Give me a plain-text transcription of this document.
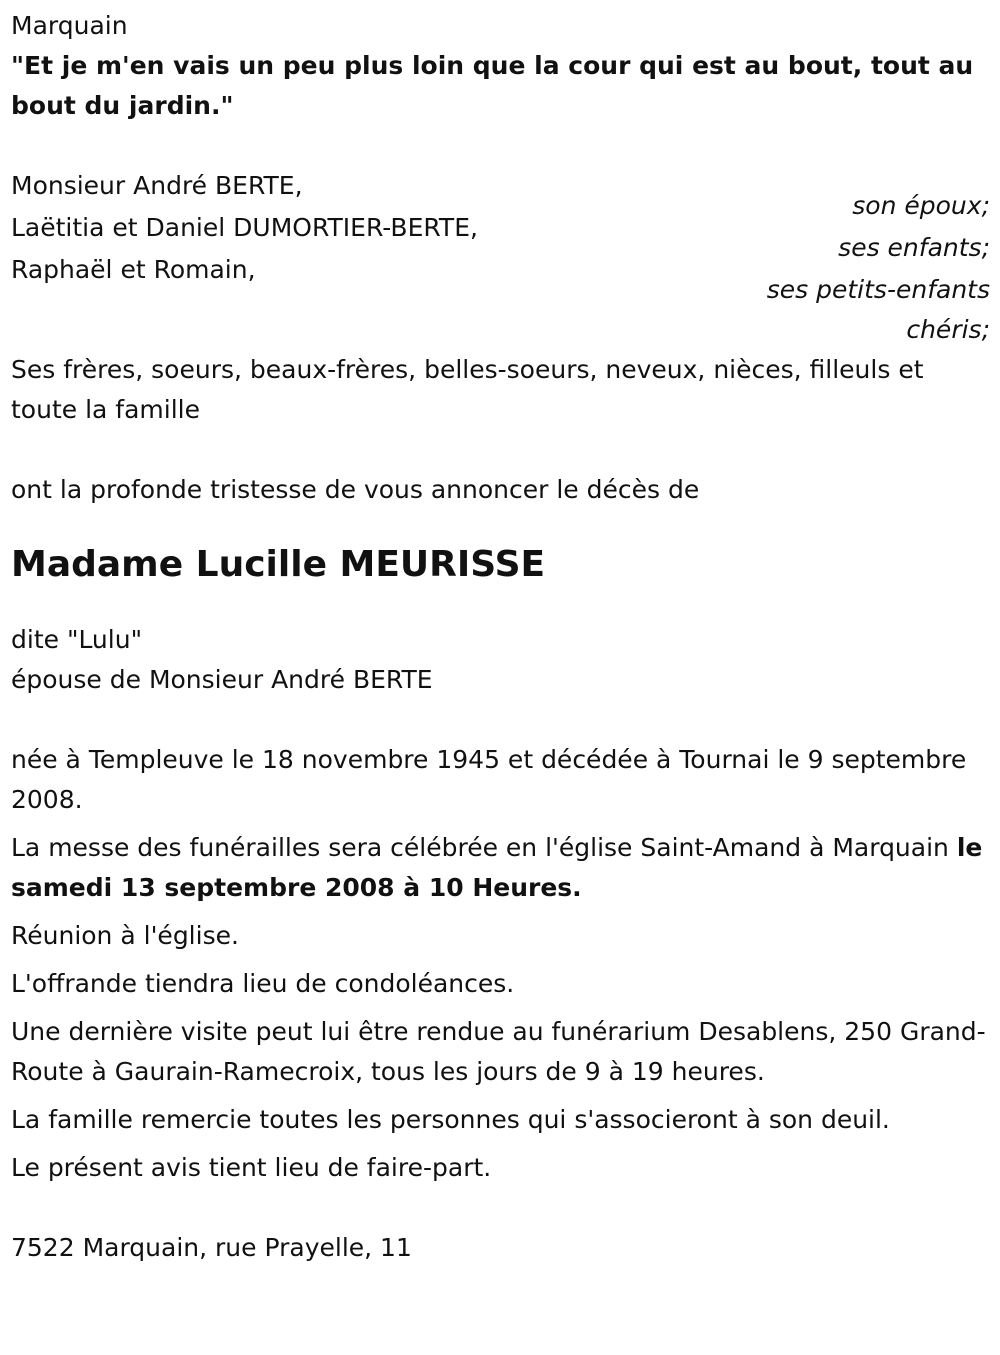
Marquain
"Et je m'en vais un peu plus loin que la cour qui est au bout, tout au bout du jardin."
Monsieur André BERTE,
son époux;
Laëtitia et Daniel DUMORTIER-BERTE,
ses enfants;
Raphaël et Romain,
ses petits-enfants
chéris;
Ses frères, soeurs, beaux-frères, belles-soeurs, neveux, nièces, filleuls et toute la famille
ont la profonde tristesse de vous annoncer le décès de
Madame Lucille MEURISSE
dite "Lulu"
épouse de Monsieur André BERTE
née à Templeuve le 18 novembre 1945 et décédée à Tournai le 9 septembre 2008.
La messe des funérailles sera célébrée en l'église Saint-Amand à Marquain le samedi 13 septembre 2008 à 10 Heures.
Réunion à l'église.
L'offrande tiendra lieu de condoléances.
Une dernière visite peut lui être rendue au funérarium Desablens, 250 Grand-Route à Gaurain-Ramecroix, tous les jours de 9 à 19 heures.
La famille remercie toutes les personnes qui s'associeront à son deuil.
Le présent avis tient lieu de faire-part.
7522 Marquain, rue Prayelle, 11
